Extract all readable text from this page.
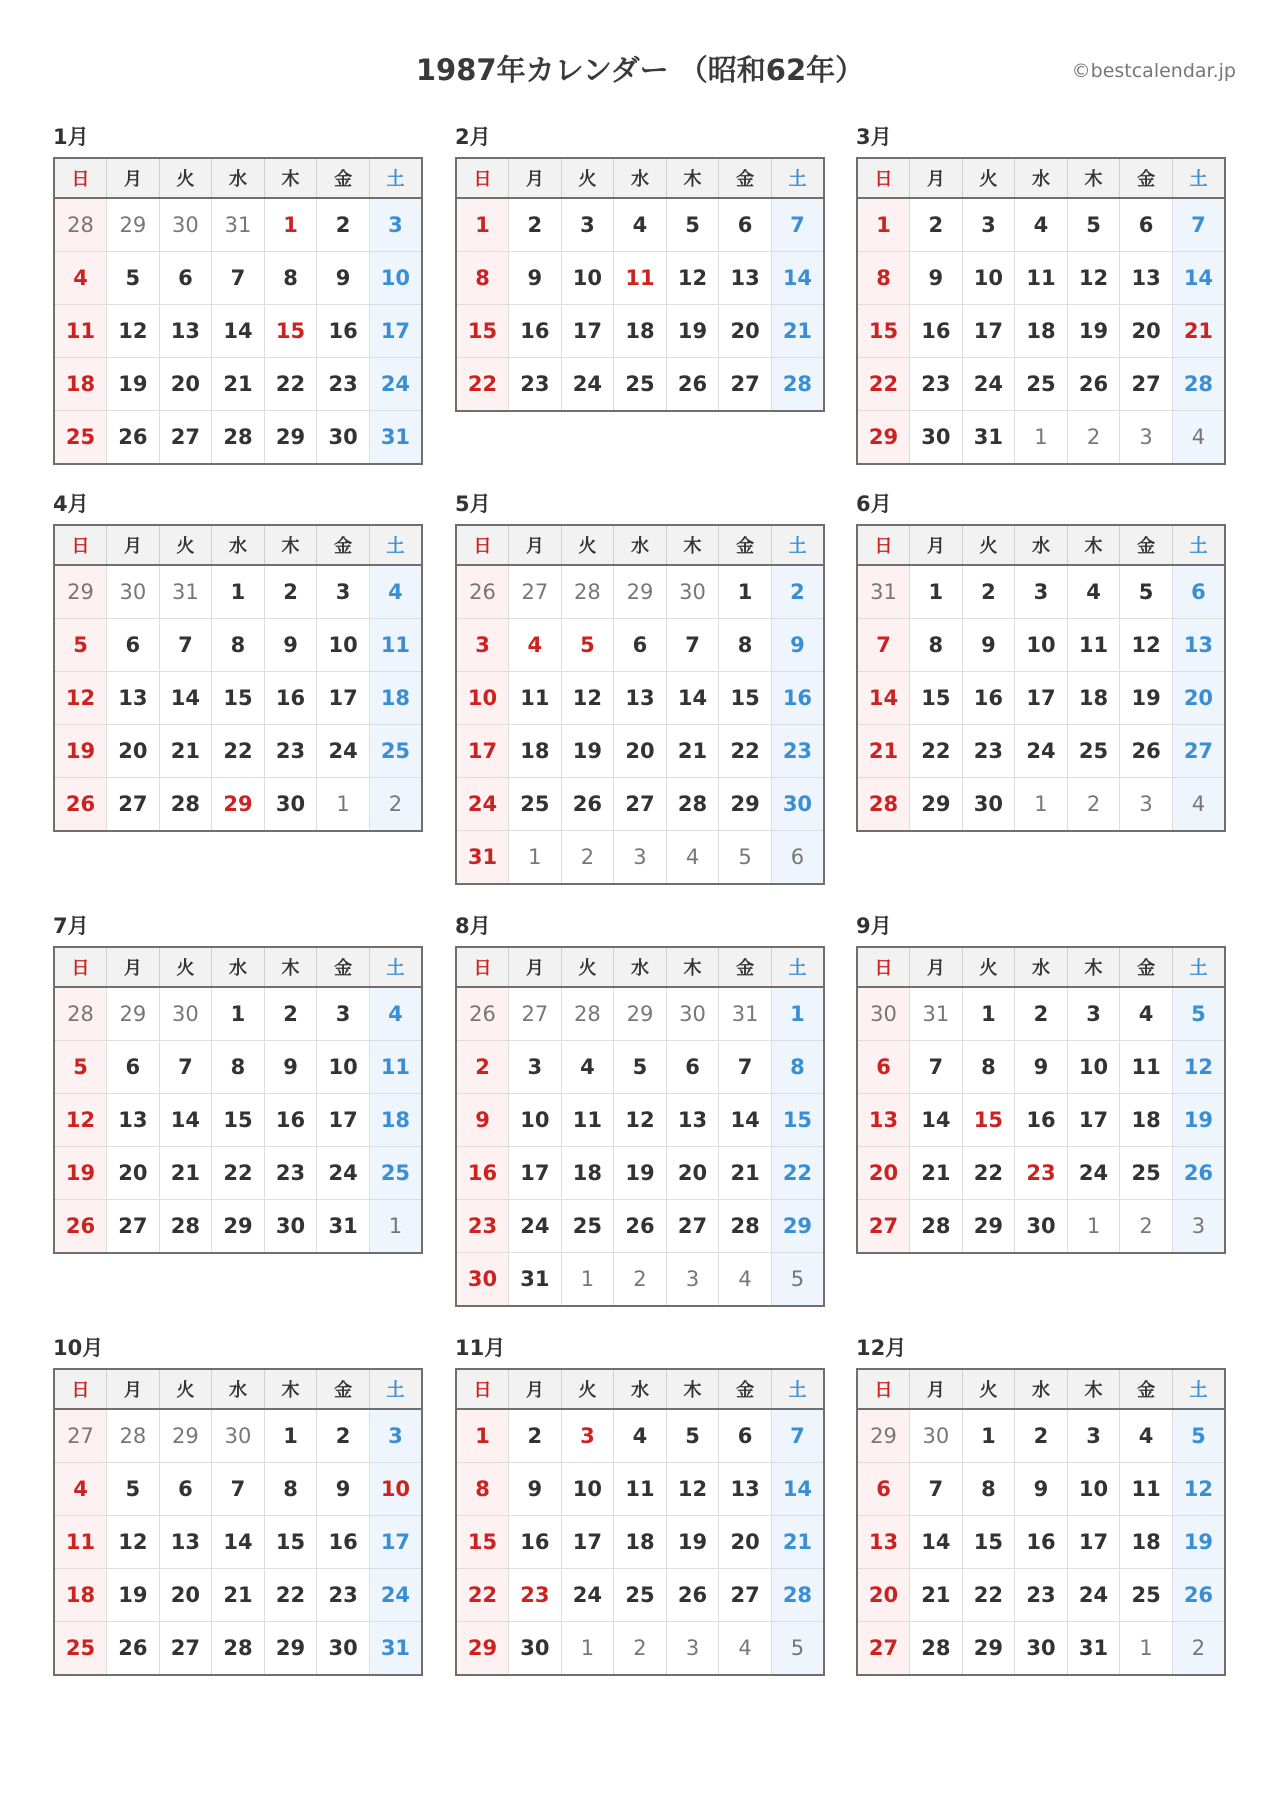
1987年カレンダー （昭和62年）	©bestcalendar.jp
1月
日	月	火	水	木	金	土
28	29	30	31	1	2	3
4	5	6	7	8	9	10
11	12	13	14	15	16	17
18	19	20	21	22	23	24
25	26	27	28	29	30	31
2月
日	月	火	水	木	金	土
1	2	3	4	5	6	7
8	9	10	11	12	13	14
15	16	17	18	19	20	21
22	23	24	25	26	27	28
3月
日	月	火	水	木	金	土
1	2	3	4	5	6	7
8	9	10	11	12	13	14
15	16	17	18	19	20	21
22	23	24	25	26	27	28
29	30	31	1	2	3	4
4月
日	月	火	水	木	金	土
29	30	31	1	2	3	4
5	6	7	8	9	10	11
12	13	14	15	16	17	18
19	20	21	22	23	24	25
26	27	28	29	30	1	2
5月
日	月	火	水	木	金	土
26	27	28	29	30	1	2
3	4	5	6	7	8	9
10	11	12	13	14	15	16
17	18	19	20	21	22	23
24	25	26	27	28	29	30
31	1	2	3	4	5	6
6月
日	月	火	水	木	金	土
31	1	2	3	4	5	6
7	8	9	10	11	12	13
14	15	16	17	18	19	20
21	22	23	24	25	26	27
28	29	30	1	2	3	4
7月
日	月	火	水	木	金	土
28	29	30	1	2	3	4
5	6	7	8	9	10	11
12	13	14	15	16	17	18
19	20	21	22	23	24	25
26	27	28	29	30	31	1
8月
日	月	火	水	木	金	土
26	27	28	29	30	31	1
2	3	4	5	6	7	8
9	10	11	12	13	14	15
16	17	18	19	20	21	22
23	24	25	26	27	28	29
30	31	1	2	3	4	5
9月
日	月	火	水	木	金	土
30	31	1	2	3	4	5
6	7	8	9	10	11	12
13	14	15	16	17	18	19
20	21	22	23	24	25	26
27	28	29	30	1	2	3
10月
日	月	火	水	木	金	土
27	28	29	30	1	2	3
4	5	6	7	8	9	10
11	12	13	14	15	16	17
18	19	20	21	22	23	24
25	26	27	28	29	30	31
11月
日	月	火	水	木	金	土
1	2	3	4	5	6	7
8	9	10	11	12	13	14
15	16	17	18	19	20	21
22	23	24	25	26	27	28
29	30	1	2	3	4	5
12月
日	月	火	水	木	金	土
29	30	1	2	3	4	5
6	7	8	9	10	11	12
13	14	15	16	17	18	19
20	21	22	23	24	25	26
27	28	29	30	31	1	2
